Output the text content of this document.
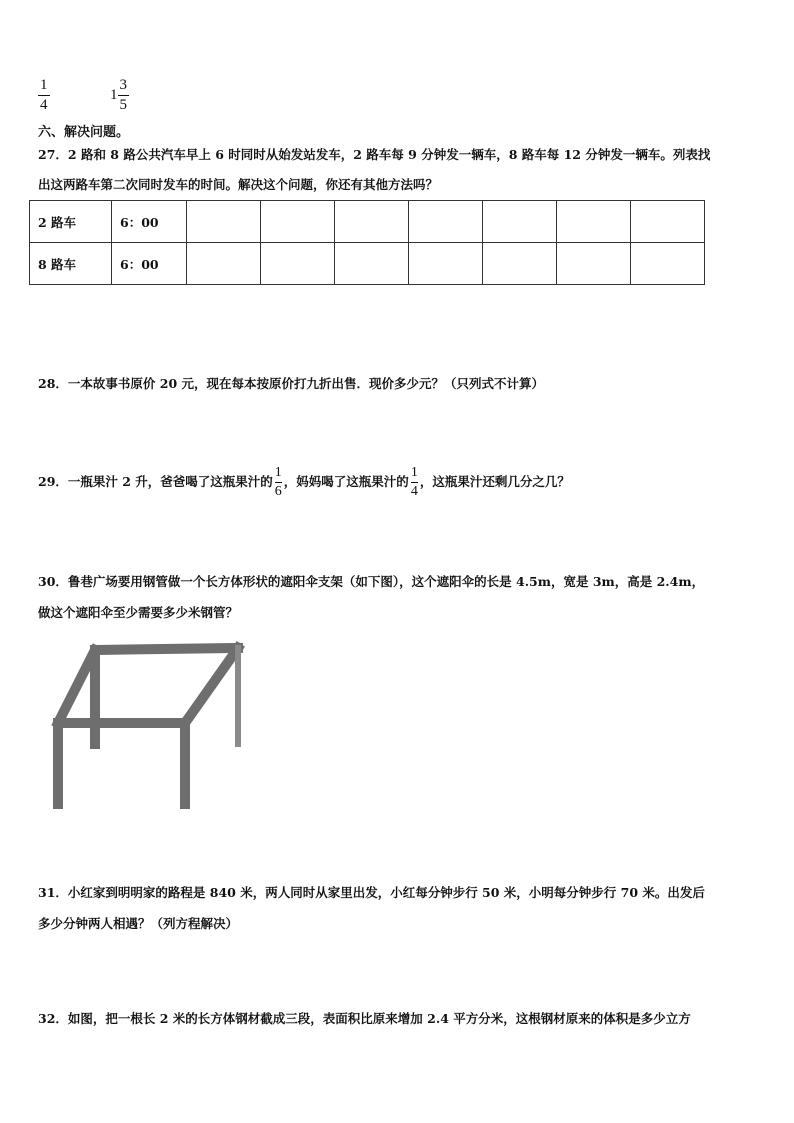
$\frac{1}{4}$	$1 \frac{3}{5}$
六、解决问题。
27．2 路和 8 路公共汽车早上 6 时同时从始发站发车，2 路车每 9 分钟发一辆车，8 路车每 12 分钟发一辆车。列表找
出这两路车第二次同时发车的时间。解决这个问题，你还有其他方法吗？
2 路车	6：00							
8 路车	6：00							
28．一本故事书原价 20 元，现在每本按原价打九折出售．现价多少元？（只列式不计算）
29．一瓶果汁 2 升，爸爸喝了这瓶果汁的 $\frac{1}{6}$ ，妈妈喝了这瓶果汁的 $\frac{1}{4}$ ，这瓶果汁还剩几分之几？
30．鲁巷广场要用钢管做一个长方体形状的遮阳伞支架（如下图），这个遮阳伞的长是 4.5m，宽是 3m，高是 2.4m，
做这个遮阳伞至少需要多少米钢管？
31．小红家到明明家的路程是 840 米，两人同时从家里出发，小红每分钟步行 50 米，小明每分钟步行 70 米。出发后
多少分钟两人相遇？（列方程解决）
32．如图，把一根长 2 米的长方体钢材截成三段，表面积比原来增加 2.4 平方分米，这根钢材原来的体积是多少立方
